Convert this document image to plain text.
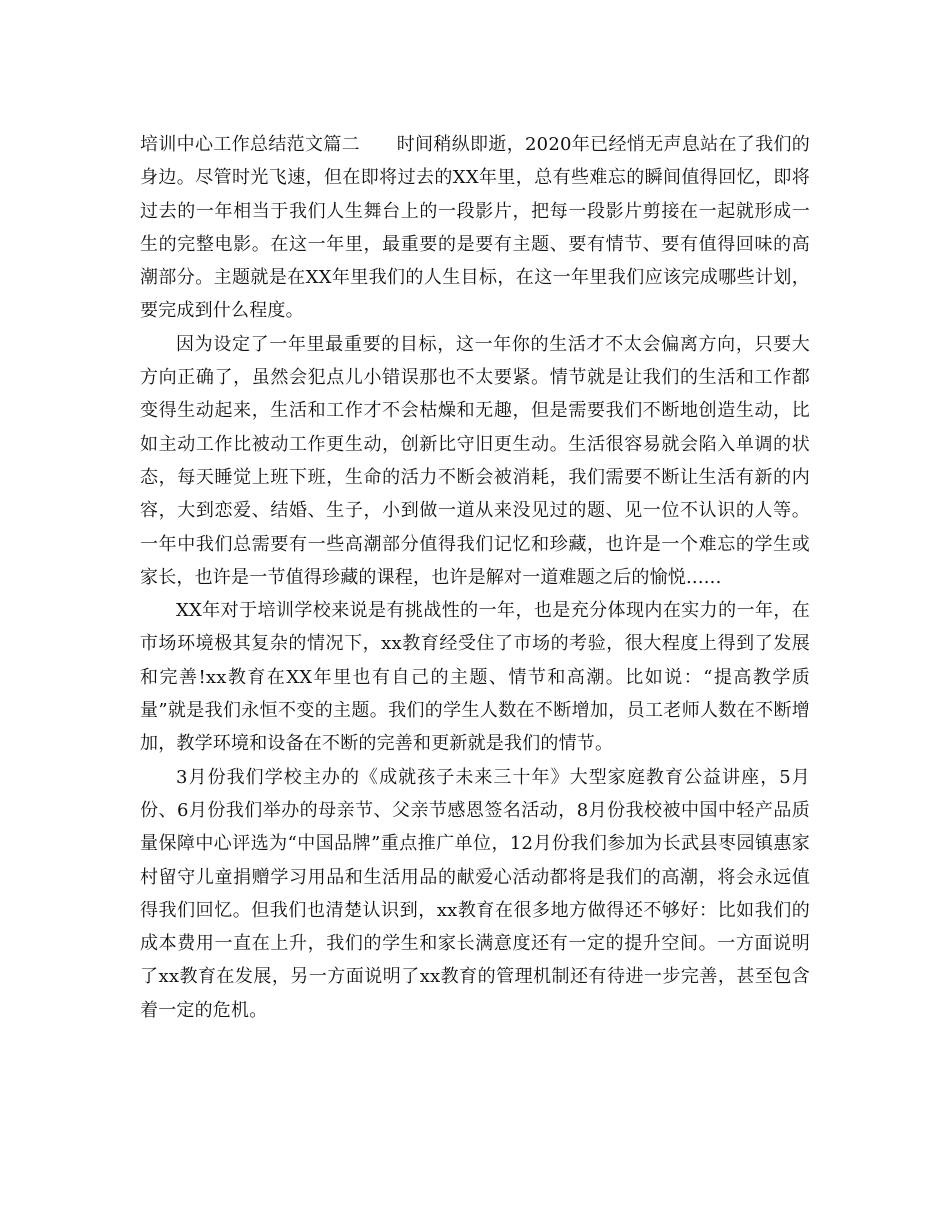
培训中心工作总结范文篇二　　时间稍纵即逝，2020年已经悄无声息站在了我们的身边。尽管时光飞速，但在即将过去的XX年里，总有些难忘的瞬间值得回忆，即将过去的一年相当于我们人生舞台上的一段影片，把每一段影片剪接在一起就形成一生的完整电影。在这一年里，最重要的是要有主题、要有情节、要有值得回味的高潮部分。主题就是在XX年里我们的人生目标，在这一年里我们应该完成哪些计划，要完成到什么程度。

因为设定了一年里最重要的目标，这一年你的生活才不太会偏离方向，只要大方向正确了，虽然会犯点儿小错误那也不太要紧。情节就是让我们的生活和工作都变得生动起来，生活和工作才不会枯燥和无趣，但是需要我们不断地创造生动，比如主动工作比被动工作更生动，创新比守旧更生动。生活很容易就会陷入单调的状态，每天睡觉上班下班，生命的活力不断会被消耗，我们需要不断让生活有新的内容，大到恋爱、结婚、生子，小到做一道从来没见过的题、见一位不认识的人等。一年中我们总需要有一些高潮部分值得我们记忆和珍藏，也许是一个难忘的学生或家长，也许是一节值得珍藏的课程，也许是解对一道难题之后的愉悦......

XX年对于培训学校来说是有挑战性的一年，也是充分体现内在实力的一年，在市场环境极其复杂的情况下，xx教育经受住了市场的考验，很大程度上得到了发展和完善!xx教育在XX年里也有自己的主题、情节和高潮。比如说：“提高教学质量”就是我们永恒不变的主题。我们的学生人数在不断增加，员工老师人数在不断增加，教学环境和设备在不断的完善和更新就是我们的情节。

3月份我们学校主办的《成就孩子未来三十年》大型家庭教育公益讲座，5月份、6月份我们举办的母亲节、父亲节感恩签名活动，8月份我校被中国中轻产品质量保障中心评选为“中国品牌”重点推广单位，12月份我们参加为长武县枣园镇惠家村留守儿童捐赠学习用品和生活用品的献爱心活动都将是我们的高潮，将会永远值得我们回忆。但我们也清楚认识到，xx教育在很多地方做得还不够好：比如我们的成本费用一直在上升，我们的学生和家长满意度还有一定的提升空间。一方面说明了xx教育在发展，另一方面说明了xx教育的管理机制还有待进一步完善，甚至包含着一定的危机。
